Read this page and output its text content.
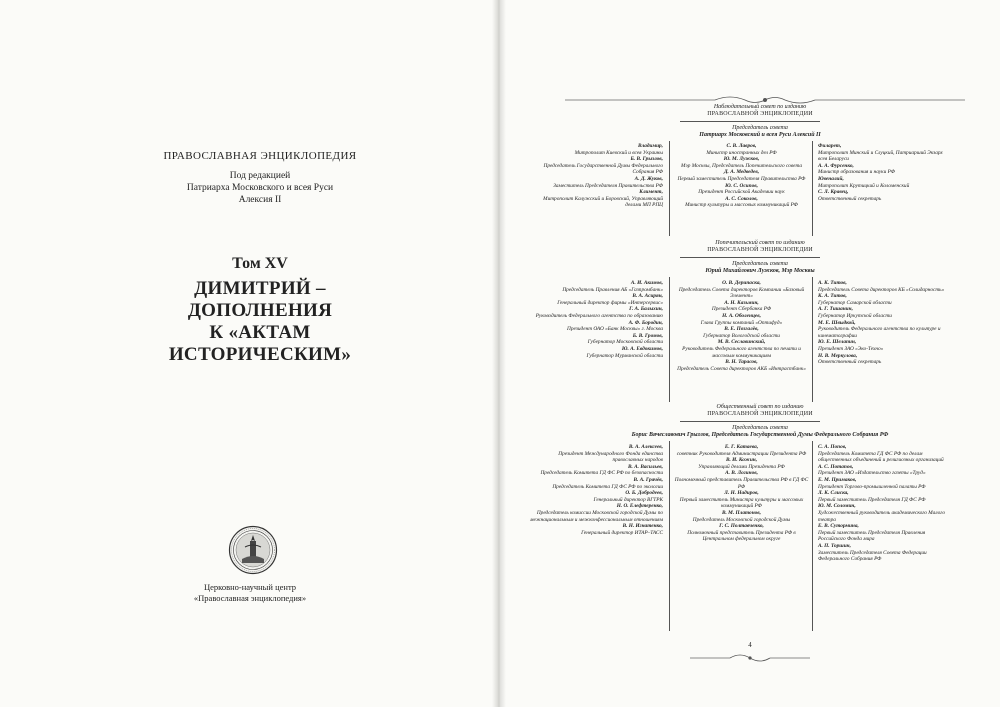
ПРАВОСЛАВНАЯ ЭНЦИКЛОПЕДИЯ
Под редакцией
Патриарха Московского и всея Руси
Алексия II
Том XV
ДИМИТРИЙ – ДОПОЛНЕНИЯ
К «АКТАМ ИСТОРИЧЕСКИМ»
Церковно-научный центр
«Православная энциклопедия»
Наблюдательный совет по изданию
ПРАВОСЛАВНОЙ ЭНЦИКЛОПЕДИИ
Председатель совета
Патриарх Московский и всея Руси Алексий II
Владимир,
Митрополит Киевский и всея Украины
Б. В. Грызлов,
Председатель Государственной Думы Федерального Собрания РФ
А. Д. Жуков,
Заместитель Председателя Правительства РФ
Климент,
Митрополит Калужский и Боровский, Управляющий делами МП РПЦ
С. В. Лавров,
Министр иностранных дел РФ
Ю. М. Лужков,
Мэр Москвы, Председатель Попечительского совета
Д. А. Медведев,
Первый заместитель Председателя Правительства РФ
Ю. С. Осипов,
Президент Российской Академии наук
А. С. Соколов,
Министр культуры и массовых коммуникаций РФ
Филарет,
Митрополит Минский и Слуцкий, Патриарший Экзарх всея Беларуси
А. А. Фурсенко,
Министр образования и науки РФ
Ювеналий,
Митрополит Крутицкий и Коломенский
С. Л. Кравец,
Ответственный секретарь
Попечительский совет по изданию
ПРАВОСЛАВНОЙ ЭНЦИКЛОПЕДИИ
Председатель совета
Юрий Михайлович Лужков, Мэр Москвы
А. И. Акимов,
Председатель Правления АБ «Газпромбанк»
В. А. Асирян,
Генеральный директор фирмы «Интерсервис»
Г. А. Балыхин,
Руководитель Федерального агентства по образованию
А. Ф. Бородин,
Президент ОАО «Банк Москвы» г. Москва
Б. В. Громов,
Губернатор Московской области
Ю. А. Евдокимов,
Губернатор Мурманской области
О. В. Дерипаска,
Председатель Совета директоров Компании «Базовый Элемент»
А. Н. Казьмин,
Президент Сбербанка РФ
Н. А. Оболенцев,
Глава Группы компаний «Оптифуд»
В. Е. Позгалёв,
Губернатор Вологодской области
М. В. Сеславинский,
Руководитель Федерального агентства по печати и массовым коммуникациям
В. Н. Тарасов,
Председатель Совета директоров АКБ «Интрастбанк»
А. К. Титов,
Председатель Совета директоров КБ «Солидарность»
К. А. Титов,
Губернатор Самарской области
А. Г. Тишанин,
Губернатор Иркутской области
М. Е. Швыдкой,
Руководитель Федерального агентства по культуре и кинематографии
Ю. Е. Шелапин,
Президент ЗАО «Эко-Техно»
Н. В. Меркулова,
Ответственный секретарь
Общественный совет по изданию
ПРАВОСЛАВНОЙ ЭНЦИКЛОПЕДИИ
Председатель совета
Борис Вячеславович Грызлов, Председатель Государственной Думы Федерального Собрания РФ
В. А. Алексеев,
Президент Международного Фонда единства православных народов
В. А. Васильев,
Председатель Комитета ГД ФС РФ по безопасности
В. А. Грачёв,
Председатель Комитета ГД ФС РФ по экологии
О. Б. Добродеев,
Генеральный директор ВГТРК
Н. О. Елефтеренко,
Председатель комиссии Московской городской Думы по межнациональным и межконфессиональным отношениям
В. Н. Игнатенко,
Генеральный директор ИТАР–ТАСС
Е. Г. Катаева,
советник Руководителя Администрации Президента РФ
В. И. Кожин,
Управляющий делами Президента РФ
А. В. Логинов,
Полномочный представитель Правительства РФ в ГД ФС РФ
Л. Н. Надиров,
Первый заместитель Министра культуры и массовых коммуникаций РФ
В. М. Платонов,
Председатель Московской городской Думы
Г. С. Полтавченко,
Полномочный представитель Президента РФ в Центральном федеральном округе
С. А. Попов,
Председатель Комитета ГД ФС РФ по делам общественных объединений и религиозных организаций
А. С. Потапов,
Президент ЗАО «Издательство газеты «Труд»
Е. М. Примаков,
Президент Торгово-промышленной палаты РФ
Л. К. Слиска,
Первый заместитель Председателя ГД ФС РФ
Ю. М. Соломин,
Художественный руководитель академического Малого театра
Е. В. Сутормина,
Первый заместитель Председателя Правления Российского Фонда мира
А. П. Торшин,
Заместитель Председателя Совета Федерации Федерального Собрания РФ
4
